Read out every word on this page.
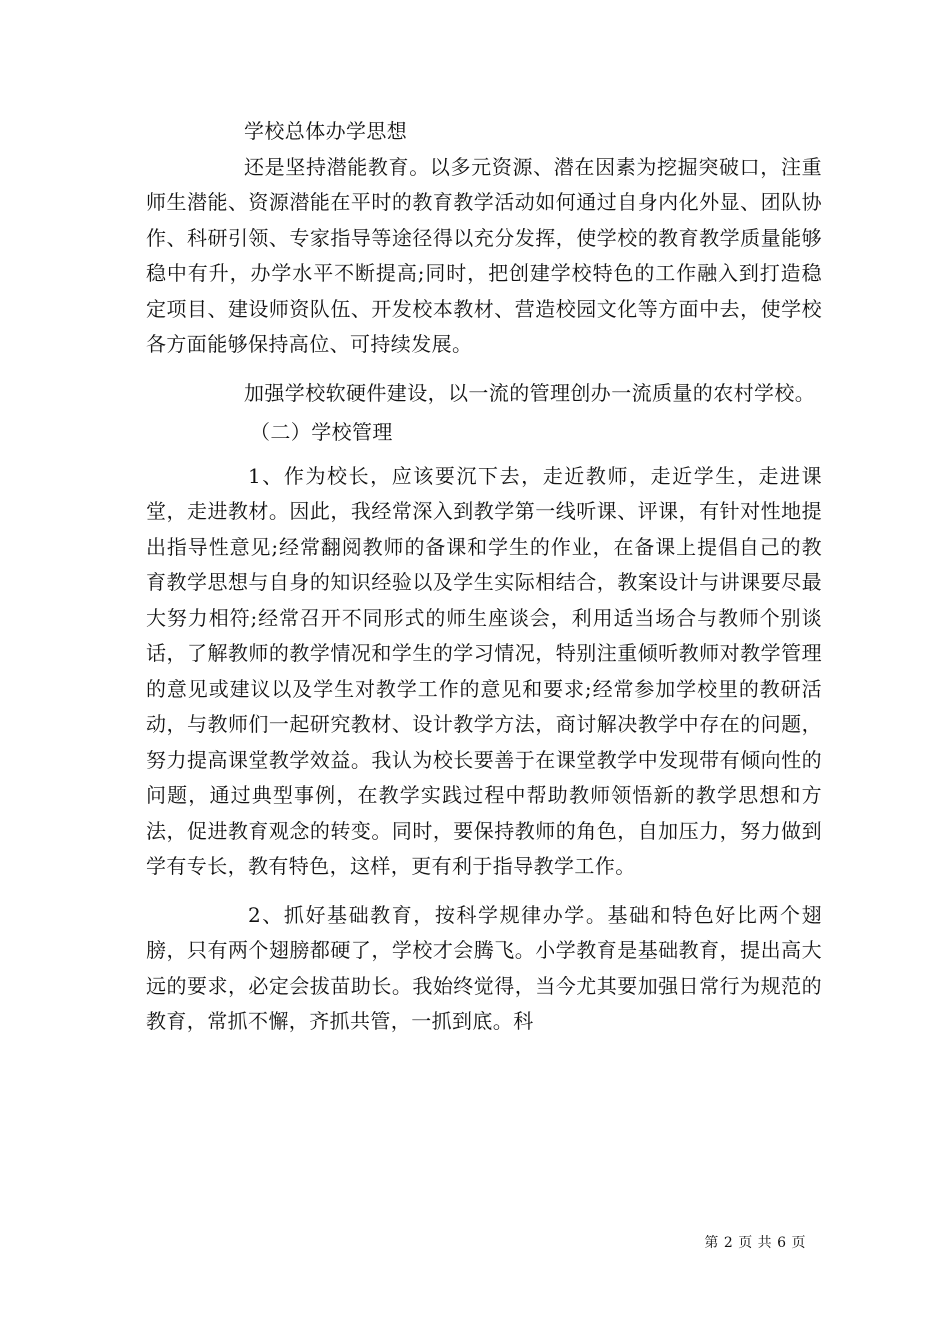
学校总体办学思想

还是坚持潜能教育。以多元资源、潜在因素为挖掘突破口，注重师生潜能、资源潜能在平时的教育教学活动如何通过自身内化外显、团队协作、科研引领、专家指导等途径得以充分发挥，使学校的教育教学质量能够稳中有升，办学水平不断提高;同时，把创建学校特色的工作融入到打造稳定项目、建设师资队伍、开发校本教材、营造校园文化等方面中去，使学校各方面能够保持高位、可持续发展。

加强学校软硬件建设，以一流的管理创办一流质量的农村学校。

（二）学校管理

1、作为校长，应该要沉下去，走近教师，走近学生，走进课堂，走进教材。因此，我经常深入到教学第一线听课、评课，有针对性地提出指导性意见;经常翻阅教师的备课和学生的作业，在备课上提倡自己的教育教学思想与自身的知识经验以及学生实际相结合，教案设计与讲课要尽最大努力相符;经常召开不同形式的师生座谈会，利用适当场合与教师个别谈话，了解教师的教学情况和学生的学习情况，特别注重倾听教师对教学管理的意见或建议以及学生对教学工作的意见和要求;经常参加学校里的教研活动，与教师们一起研究教材、设计教学方法，商讨解决教学中存在的问题，努力提高课堂教学效益。我认为校长要善于在课堂教学中发现带有倾向性的问题，通过典型事例，在教学实践过程中帮助教师领悟新的教学思想和方法，促进教育观念的转变。同时，要保持教师的角色，自加压力，努力做到学有专长，教有特色，这样，更有利于指导教学工作。

2、抓好基础教育，按科学规律办学。基础和特色好比两个翅膀，只有两个翅膀都硬了，学校才会腾飞。小学教育是基础教育，提出高大远的要求，必定会拔苗助长。我始终觉得，当今尤其要加强日常行为规范的教育，常抓不懈，齐抓共管，一抓到底。科

第 2 页 共 6 页
